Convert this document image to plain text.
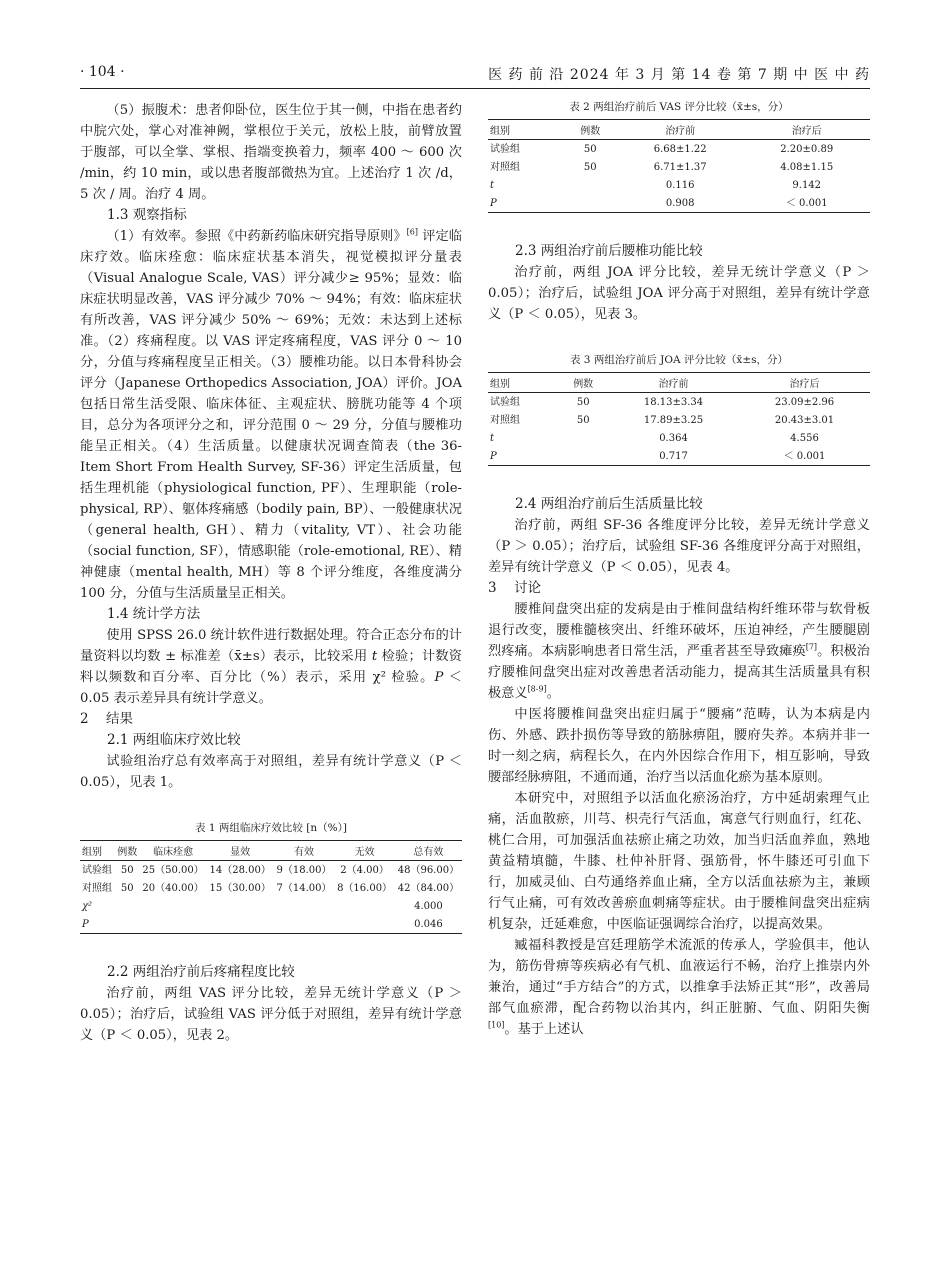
· 104 ·	医 药 前 沿 2024 年 3 月 第 14 卷 第 7 期 中 医 中 药

（5）振腹术：患者仰卧位，医生位于其一侧，中指在患者约中脘穴处，掌心对准神阙，掌根位于关元，放松上肢，前臂放置于腹部，可以全掌、掌根、指端变换着力，频率 400 ～ 600 次 /min，约 10 min，或以患者腹部微热为宜。上述治疗 1 次 /d，5 次 / 周。治疗 4 周。

1.3 观察指标

（1）有效率。参照《中药新药临床研究指导原则》[6] 评定临床疗效。临床痊愈：临床症状基本消失，视觉模拟评分量表（Visual Analogue Scale, VAS）评分减少≥ 95%；显效：临床症状明显改善，VAS 评分减少 70% ～ 94%；有效：临床症状有所改善，VAS 评分减少 50% ～ 69%；无效：未达到上述标准。（2）疼痛程度。以 VAS 评定疼痛程度，VAS 评分 0 ～ 10 分，分值与疼痛程度呈正相关。（3）腰椎功能。以日本骨科协会评分（Japanese Orthopedics Association, JOA）评价。JOA 包括日常生活受限、临床体征、主观症状、膀胱功能等 4 个项目，总分为各项评分之和，评分范围 0 ～ 29 分，分值与腰椎功能呈正相关。（4）生活质量。以健康状况调查简表（the 36-Item Short From Health Survey, SF-36）评定生活质量，包括生理机能（physiological function, PF）、生理职能（role-physical, RP）、躯体疼痛感（bodily pain, BP）、一般健康状况（general health, GH）、精力（vitality, VT）、社会功能（social function, SF），情感职能（role-emotional, RE）、精神健康（mental health, MH）等 8 个评分维度，各维度满分 100 分，分值与生活质量呈正相关。

1.4 统计学方法

使用 SPSS 26.0 统计软件进行数据处理。符合正态分布的计量资料以均数 ± 标准差（x̄±s）表示，比较采用 t 检验；计数资料以频数和百分率、百分比（%）表示，采用 χ² 检验。P ＜ 0.05 表示差异具有统计学意义。

2 结果

2.1 两组临床疗效比较

试验组治疗总有效率高于对照组，差异有统计学意义（P ＜ 0.05），见表 1。

表 1 两组临床疗效比较 [n（%）]

组别	例数	临床痊愈	显效	有效	无效	总有效
试验组	50	25（50.00）	14（28.00）	9（18.00）	2（4.00）	48（96.00）
对照组	50	20（40.00）	15（30.00）	7（14.00）	8（16.00）	42（84.00）
χ²						4.000
P						0.046

2.2 两组治疗前后疼痛程度比较

治疗前，两组 VAS 评分比较，差异无统计学意义（P ＞ 0.05）；治疗后，试验组 VAS 评分低于对照组，差异有统计学意义（P ＜ 0.05），见表 2。

表 2 两组治疗前后 VAS 评分比较（x̄±s，分）

组别	例数	治疗前	治疗后
试验组	50	6.68±1.22	2.20±0.89
对照组	50	6.71±1.37	4.08±1.15
t		0.116	9.142
P		0.908	＜ 0.001

2.3 两组治疗前后腰椎功能比较

治疗前，两组 JOA 评分比较，差异无统计学意义（P ＞ 0.05）；治疗后，试验组 JOA 评分高于对照组，差异有统计学意义（P ＜ 0.05），见表 3。

表 3 两组治疗前后 JOA 评分比较（x̄±s，分）

组别	例数	治疗前	治疗后
试验组	50	18.13±3.34	23.09±2.96
对照组	50	17.89±3.25	20.43±3.01
t		0.364	4.556
P		0.717	＜ 0.001

2.4 两组治疗前后生活质量比较

治疗前，两组 SF-36 各维度评分比较，差异无统计学意义（P ＞ 0.05）；治疗后，试验组 SF-36 各维度评分高于对照组，差异有统计学意义（P ＜ 0.05），见表 4。

3 讨论

腰椎间盘突出症的发病是由于椎间盘结构纤维环带与软骨板退行改变，腰椎髓核突出、纤维环破坏，压迫神经，产生腰腿剧烈疼痛。本病影响患者日常生活，严重者甚至导致瘫痪[7]。积极治疗腰椎间盘突出症对改善患者活动能力，提高其生活质量具有积极意义[8-9]。

中医将腰椎间盘突出症归属于“腰痛”范畴，认为本病是内伤、外感、跌扑损伤等导致的筋脉痹阻，腰府失养。本病并非一时一刻之病，病程长久，在内外因综合作用下，相互影响，导致腰部经脉痹阻，不通而通，治疗当以活血化瘀为基本原则。

本研究中，对照组予以活血化瘀汤治疗，方中延胡索理气止痛，活血散瘀，川芎、枳壳行气活血，寓意气行则血行，红花、桃仁合用，可加强活血祛瘀止痛之功效，加当归活血养血，熟地黄益精填髓，牛膝、杜仲补肝肾、强筋骨，怀牛膝还可引血下行，加威灵仙、白芍通络养血止痛，全方以活血祛瘀为主，兼顾行气止痛，可有效改善瘀血刺痛等症状。由于腰椎间盘突出症病机复杂，迁延难愈，中医临证强调综合治疗，以提高效果。

臧福科教授是宫廷理筋学术流派的传承人，学验俱丰，他认为，筋伤骨痹等疾病必有气机、血液运行不畅，治疗上推崇内外兼治，通过“手方结合”的方式，以推拿手法矫正其“形”，改善局部气血瘀滞，配合药物以治其内，纠正脏腑、气血、阴阳失衡[10]。基于上述认
